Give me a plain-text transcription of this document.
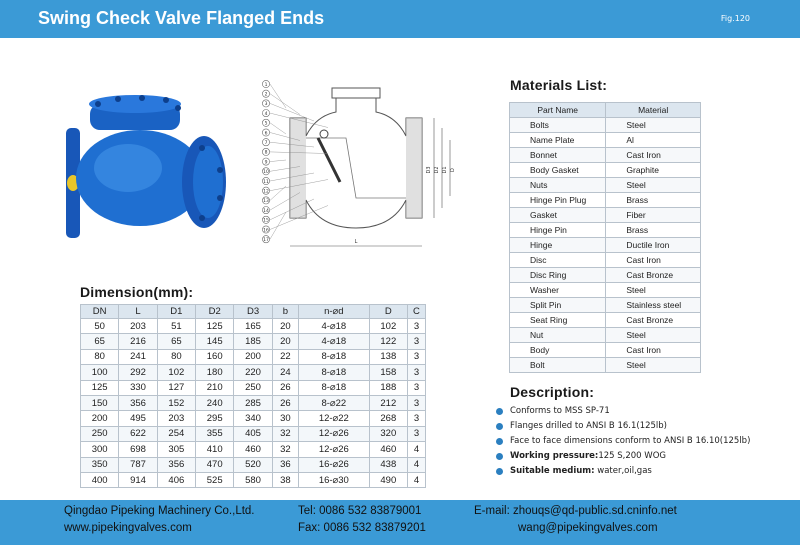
Swing Check Valve Flanged Ends	Fig.120
1
2
3
4
5
6
7
8
9
10
11
12
13
14
15
16
17
D3 D2 D1 D
L
Dimension(mm):
DN	L	D1	D2	D3	b	n-⌀d	D	C
50	203	51	125	165	20	4-⌀18	102	3
65	216	65	145	185	20	4-⌀18	122	3
80	241	80	160	200	22	8-⌀18	138	3
100	292	102	180	220	24	8-⌀18	158	3
125	330	127	210	250	26	8-⌀18	188	3
150	356	152	240	285	26	8-⌀22	212	3
200	495	203	295	340	30	12-⌀22	268	3
250	622	254	355	405	32	12-⌀26	320	3
300	698	305	410	460	32	12-⌀26	460	4
350	787	356	470	520	36	16-⌀26	438	4
400	914	406	525	580	38	16-⌀30	490	4
Materials List:
Part Name	Material
Bolts	Steel
Name Plate	Al
Bonnet	Cast Iron
Body Gasket	Graphite
Nuts	Steel
Hinge Pin Plug	Brass
Gasket	Fiber
Hinge Pin	Brass
Hinge	Ductile Iron
Disc	Cast Iron
Disc Ring	Cast Bronze
Washer	Steel
Split Pin	Stainless steel
Seat Ring	Cast Bronze
Nut	Steel
Body	Cast Iron
Bolt	Steel
Description:
Conforms to MSS SP-71
Flanges drilled to ANSI B 16.1(125lb)
Face to face dimensions conform to ANSI B 16.10(125lb)
Working pressure:125 S,200 WOG
Suitable medium: water,oil,gas
Qingdao Pipeking Machinery Co.,Ltd.
www.pipekingvalves.com
Tel: 0086 532 83879001
Fax: 0086 532 83879201
E-mail: zhouqs@qd-public.sd.cninfo.net
wang@pipekingvalves.com
